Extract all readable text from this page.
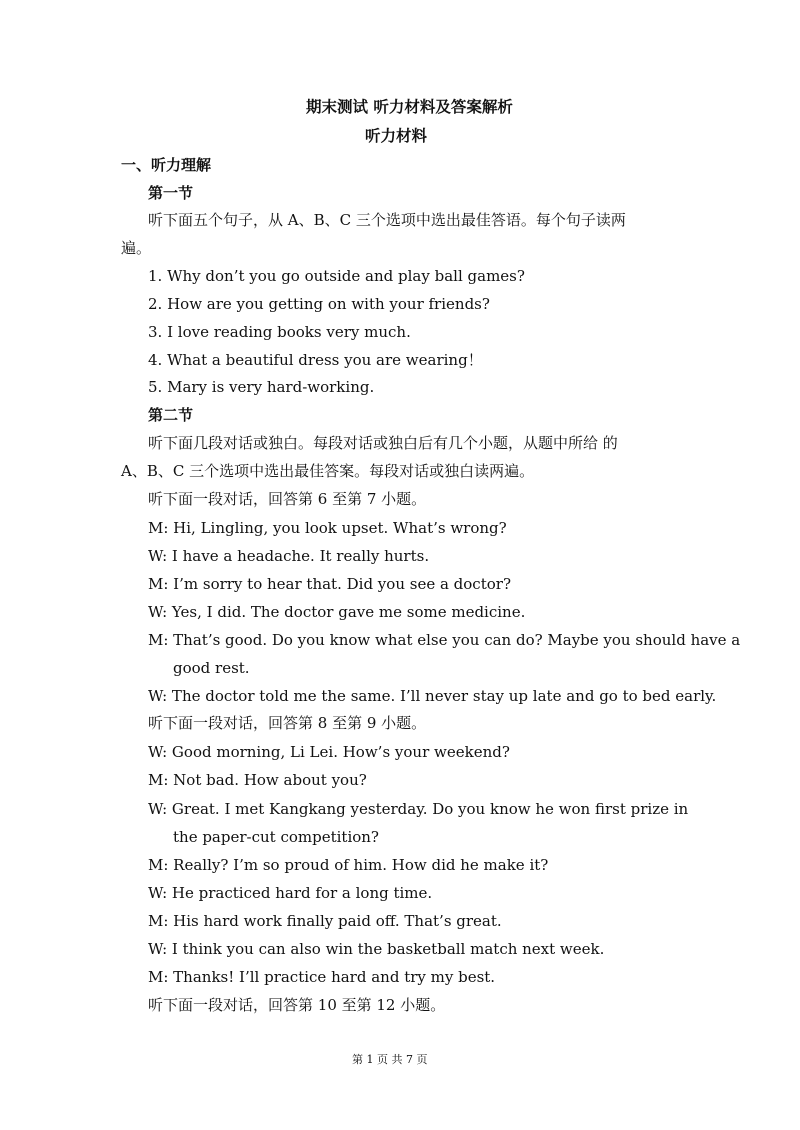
期末测试 听力材料及答案解析
听力材料
一、听力理解
第一节
听下面五个句子，从 A、B、C 三个选项中选出最佳答语。每个句子读两
遍。
1. Why don’t you go outside and play ball games?
2. How are you getting on with your friends?
3. I love reading books very much.
4. What a beautiful dress you are wearing！
5. Mary is very hard-working.
第二节
听下面几段对话或独白。每段对话或独白后有几个小题，从题中所给 的
A、B、C 三个选项中选出最佳答案。每段对话或独白读两遍。
听下面一段对话，回答第 6 至第 7 小题。
M: Hi, Lingling, you look upset. What’s wrong?
W: I have a headache. It really hurts.
M: I’m sorry to hear that. Did you see a doctor?
W: Yes, I did. The doctor gave me some medicine.
M: That’s good. Do you know what else you can do? Maybe you should have a
good rest.
W: The doctor told me the same. I’ll never stay up late and go to bed early.
听下面一段对话，回答第 8 至第 9 小题。
W: Good morning, Li Lei. How’s your weekend?
M: Not bad. How about you?
W: Great. I met Kangkang yesterday. Do you know he won first prize in
the paper-cut competition?
M: Really? I’m so proud of him. How did he make it?
W: He practiced hard for a long time.
M: His hard work finally paid off. That’s great.
W: I think you can also win the basketball match next week.
M: Thanks! I’ll practice hard and try my best.
听下面一段对话，回答第 10 至第 12 小题。
第 1 页 共 7 页
